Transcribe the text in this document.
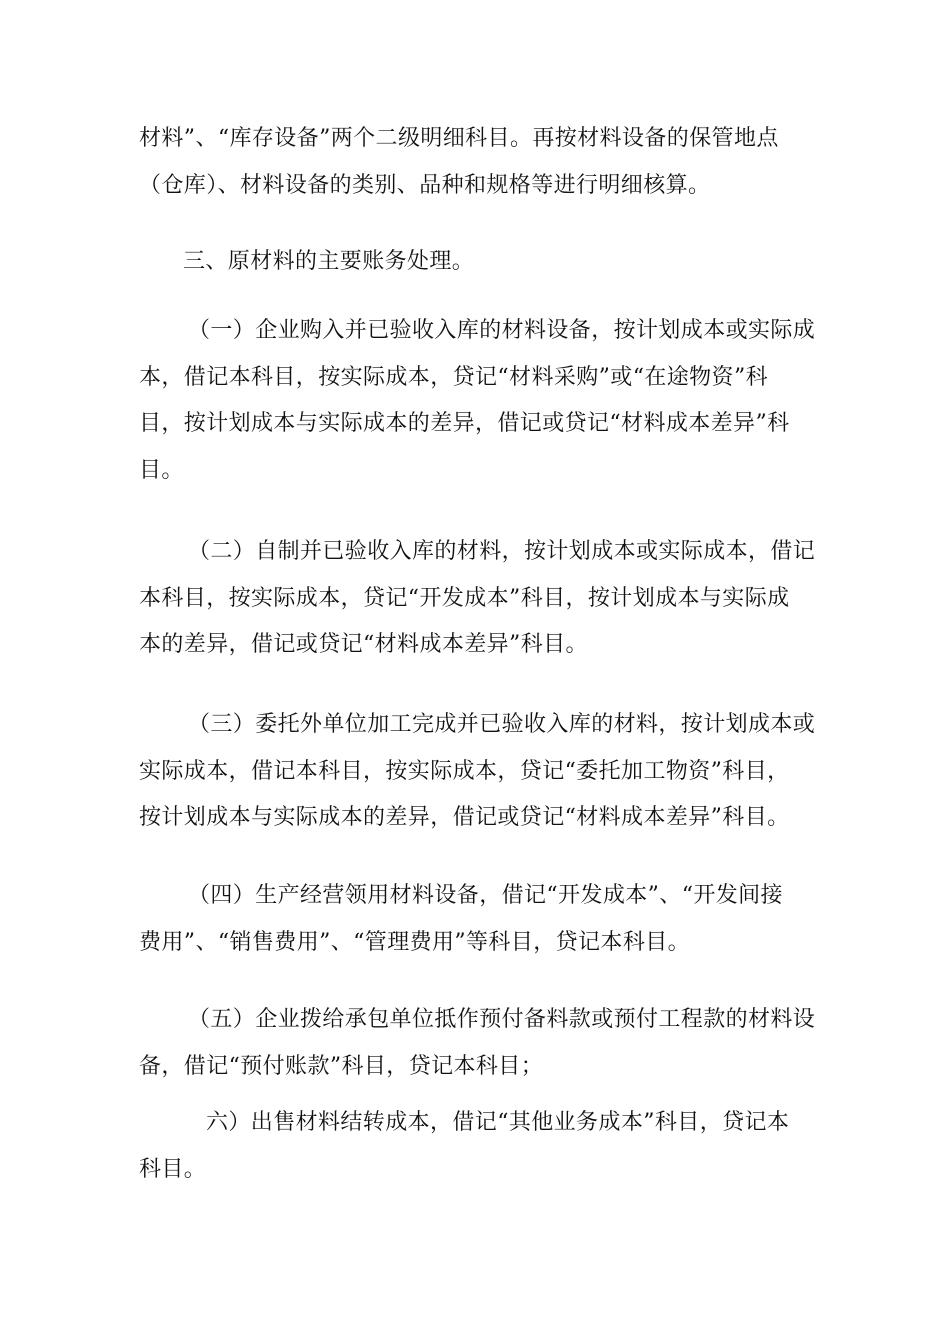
材料”、“库存设备”两个二级明细科目。再按材料设备的保管地点
（仓库）、材料设备的类别、品种和规格等进行明细核算。

三、原材料的主要账务处理。

（一）企业购入并已验收入库的材料设备，按计划成本或实际成
本，借记本科目，按实际成本，贷记“材料采购”或“在途物资”科
目，按计划成本与实际成本的差异，借记或贷记“材料成本差异”科
目。

（二）自制并已验收入库的材料，按计划成本或实际成本，借记
本科目，按实际成本，贷记“开发成本”科目，按计划成本与实际成
本的差异，借记或贷记“材料成本差异”科目。

（三）委托外单位加工完成并已验收入库的材料，按计划成本或
实际成本，借记本科目，按实际成本，贷记“委托加工物资”科目，
按计划成本与实际成本的差异，借记或贷记“材料成本差异”科目。

（四）生产经营领用材料设备，借记“开发成本”、“开发间接
费用”、“销售费用”、“管理费用”等科目，贷记本科目。

（五）企业拨给承包单位抵作预付备料款或预付工程款的材料设
备，借记“预付账款”科目，贷记本科目；

六）出售材料结转成本，借记“其他业务成本”科目，贷记本
科目。
